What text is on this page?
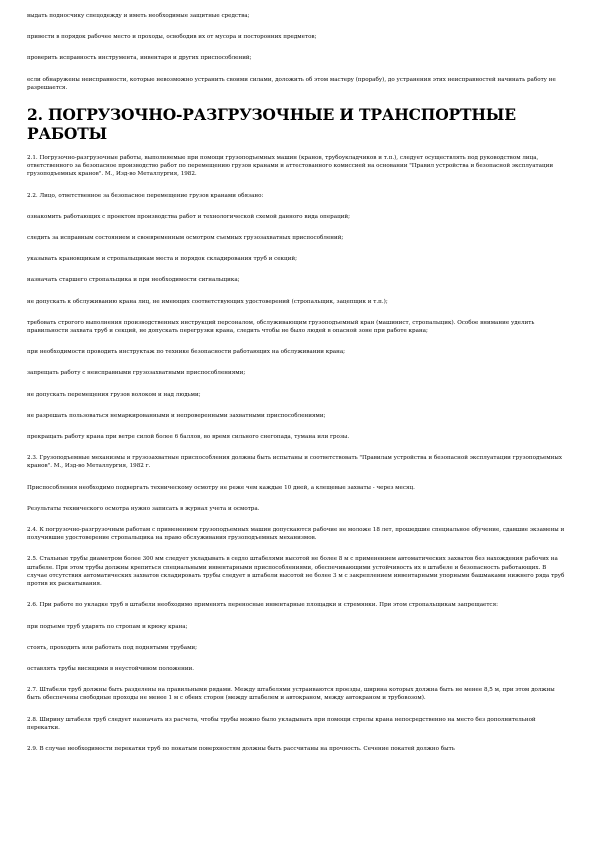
выдать подносчику спецодежду и иметь необходимые защитные средства;

привести в порядок рабочее место и проходы, освободив их от мусора и посторонних предметов;

проверить исправность инструмента, инвентаря и других приспособлений;

если обнаружены неисправности, которые невозможно устранить своими силами, доложить об этом мастеру (прорабу), до устранения этих неисправностей начинать работу не разрешается.

2. ПОГРУЗОЧНО-РАЗГРУЗОЧНЫЕ И ТРАНСПОРТНЫЕ РАБОТЫ

2.1. Погрузочно-разгрузочные работы, выполняемые при помощи грузоподъемных машин (кранов, трубоукладчиков и т.п.), следует осуществлять под руководством лица, ответственного за безопасное производство работ по перемещению грузов кранами и аттестованного комиссией на основании "Правил устройства и безопасной эксплуатации грузоподъемных кранов". М., Изд-во Металлургия, 1982.

2.2. Лицо, ответственное за безопасное перемещение грузов кранами обязано:

ознакомить работающих с проектом производства работ и технологической схемой данного вида операций;

следить за исправным состоянием и своевременным осмотром съемных грузозахватных приспособлений;

указывать крановщикам и стропальщикам места и порядок складирования труб и секций;

назначать старшего стропальщика и при необходимости сигнальщика;

не допускать к обслуживанию крана лиц, не имеющих соответствующих удостоверений (стропальщик, зацепщик и т.п.);

требовать строгого выполнения производственных инструкций персоналом, обслуживающим грузоподъемный кран (машинист, стропальщик). Особое внимание уделить правильности захвата труб и секций, не допускать перегрузки крана, следить чтобы не было людей в опасной зоне при работе крана;

при необходимости проводить инструктаж по технике безопасности работающих на обслуживании крана;

запрещать работу с неисправными грузозахватными приспособлениями;

не допускать перемещения грузов волоком и над людьми;

не разрешать пользоваться немаркированными и непроверенными захватными приспособлениями;

прекращать работу крана при ветре силой более 6 баллов, во время сильного снегопада, тумана или грозы.

2.3. Грузоподъемные механизмы и грузозахватные приспособления должны быть испытаны и соответствовать "Правилам устройства и безопасной эксплуатации грузоподъемных кранов". М., Изд-во Металлургия, 1982 г.

Приспособления необходимо подвергать техническому осмотру не реже чем каждые 10 дней, а клещевые захваты - через месяц.

Результаты технического осмотра нужно записать в журнал учета и осмотра.

2.4. К погрузочно-разгрузочным работам с применением грузоподъемных машин допускаются рабочие не моложе 18 лет, прошедшие специальное обучение, сдавшие экзамены и получившие удостоверение стропальщика на право обслуживания грузоподъемных механизмов.

2.5. Стальные трубы диаметром более 300 мм следует укладывать в седло штабелями высотой не более 8 м с применением автоматических захватов без нахождения рабочих на штабеле. При этом трубы должны крепиться специальными инвентарными приспособлениями, обеспечивающими устойчивость их в штабеле и безопасность работающих. В случае отсутствия автоматических захватов складировать трубы следует в штабели высотой не более 3 м с закреплением инвентарными упорными башмаками нижнего ряда труб против их раскатывания.

2.6. При работе по укладке труб в штабели необходимо применять переносные инвентарные площадки и стремянки. При этом стропальщикам запрещается:

при подъеме труб ударять по стропам и крюку крана;

стоять, проходить или работать под поднятыми трубами;

оставлять трубы висящими в неустойчивом положении.

2.7. Штабели труб должны быть разделены на правильными рядами. Между штабелями устраиваются проезды, ширина которых должна быть не менее 8,5 м, при этом должны быть обеспечены свободные проходы не менее 1 м с обеих сторон (между штабелем и автокраном, между автокраном и трубовозом).

2.8. Ширину штабеля труб следует назначать из расчета, чтобы трубы можно было укладывать при помощи стрелы крана непосредственно на место без дополнительной перекатки.

2.9. В случае необходимости перекатки труб по покатым поверхностям должны быть рассчитаны на прочность. Сечение покатей должно быть
